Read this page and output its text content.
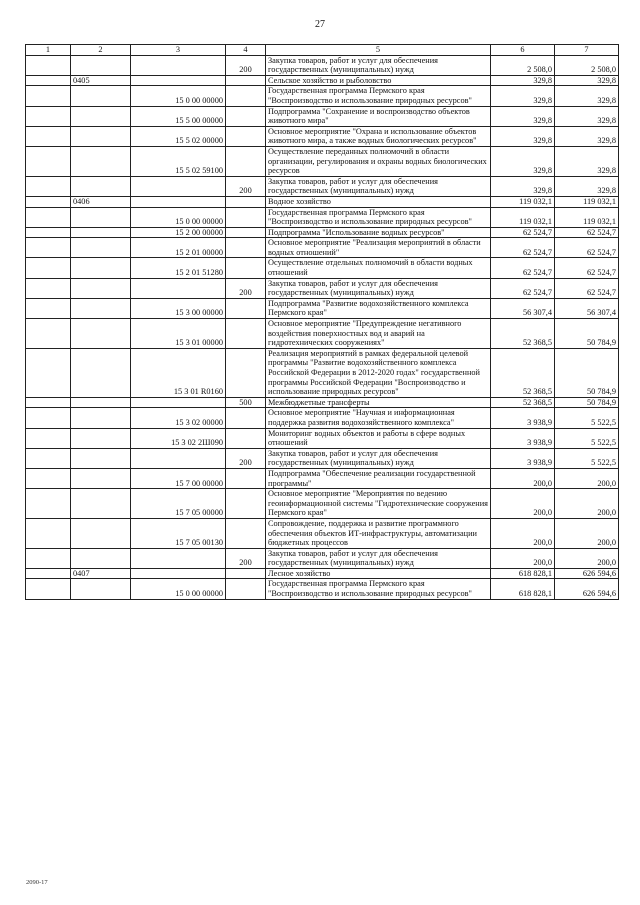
27
1	2	3	4	5	6	7
			200	Закупка товаров, работ и услуг для обеспечения государственных (муниципальных) нужд	2 508,0	2 508,0
	0405			Сельское хозяйство и рыболовство	329,8	329,8
		15 0 00 00000		Государственная программа Пермского края "Воспроизводство и использование природных ресурсов"	329,8	329,8
		15 5 00 00000		Подпрограмма "Сохранение и воспроизводство объектов животного мира"	329,8	329,8
		15 5 02 00000		Основное мероприятие "Охрана и использование объектов животного мира, а также водных биологических ресурсов"	329,8	329,8
		15 5 02 59100		Осуществление переданных полномочий в области организации, регулирования и охраны водных биологических ресурсов	329,8	329,8
			200	Закупка товаров, работ и услуг для обеспечения государственных (муниципальных) нужд	329,8	329,8
	0406			Водное хозяйство	119 032,1	119 032,1
		15 0 00 00000		Государственная программа Пермского края "Воспроизводство и использование природных ресурсов"	119 032,1	119 032,1
		15 2 00 00000		Подпрограмма "Использование водных ресурсов"	62 524,7	62 524,7
		15 2 01 00000		Основное мероприятие "Реализация мероприятий в области водных отношений"	62 524,7	62 524,7
		15 2 01 51280		Осуществление отдельных полномочий в области водных отношений	62 524,7	62 524,7
			200	Закупка товаров, работ и услуг для обеспечения государственных (муниципальных) нужд	62 524,7	62 524,7
		15 3 00 00000		Подпрограмма "Развитие водохозяйственного комплекса Пермского края"	56 307,4	56 307,4
		15 3 01 00000		Основное мероприятие "Предупреждение негативного воздействия поверхностных вод и аварий на гидротехнических сооружениях"	52 368,5	50 784,9
		15 3 01 R0160		Реализация мероприятий в рамках федеральной целевой программы "Развитие водохозяйственного комплекса Российской Федерации в 2012-2020 годах" государственной программы Российской Федерации "Воспроизводство и использование природных ресурсов"	52 368,5	50 784,9
			500	Межбюджетные трансферты	52 368,5	50 784,9
		15 3 02 00000		Основное мероприятие "Научная и информационная поддержка развития водохозяйственного комплекса"	3 938,9	5 522,5
		15 3 02 2Ш090		Мониторинг водных объектов и работы в сфере водных отношений	3 938,9	5 522,5
			200	Закупка товаров, работ и услуг для обеспечения государственных (муниципальных) нужд	3 938,9	5 522,5
		15 7 00 00000		Подпрограмма "Обеспечение реализации государственной программы"	200,0	200,0
		15 7 05 00000		Основное мероприятие "Мероприятия по ведению геоинформационной системы "Гидротехнические сооружения Пермского края"	200,0	200,0
		15 7 05 00130		Сопровождение, поддержка и развитие программного обеспечения объектов ИТ-инфраструктуры, автоматизации бюджетных процессов	200,0	200,0
			200	Закупка товаров, работ и услуг для обеспечения государственных (муниципальных) нужд	200,0	200,0
	0407			Лесное хозяйство	618 828,1	626 594,6
		15 0 00 00000		Государственная программа Пермского края "Воспроизводство и использование природных ресурсов"	618 828,1	626 594,6
2090-17
